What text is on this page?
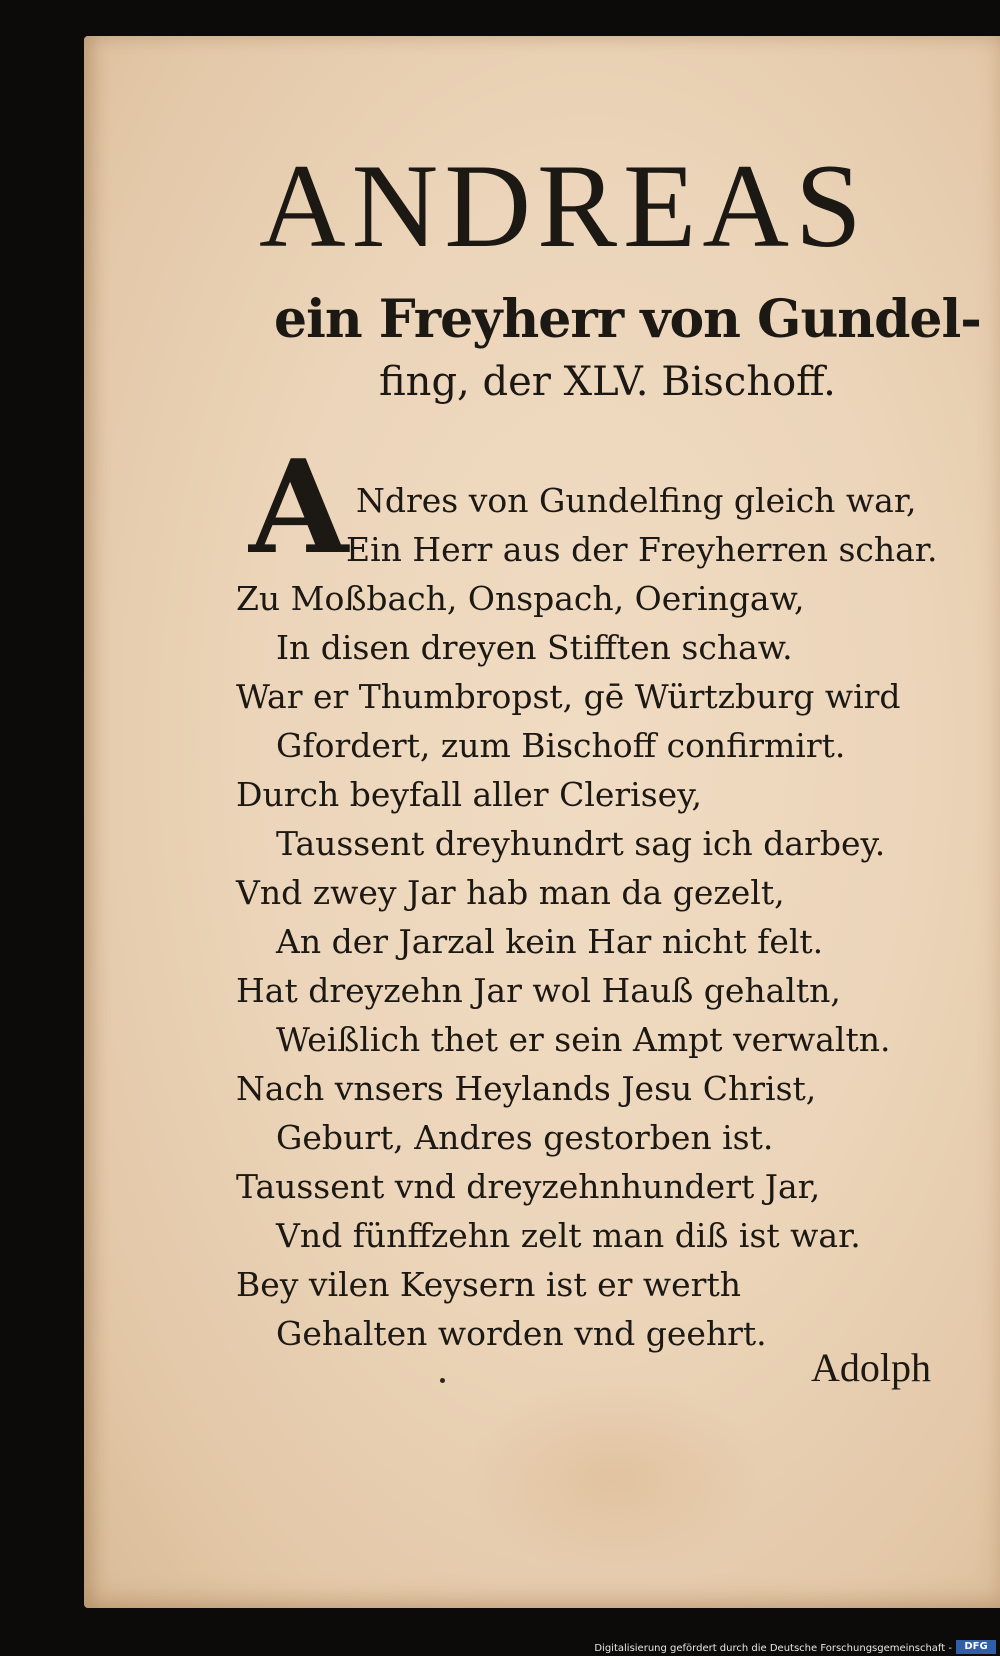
ANDREAS

ein Freyherr von Gundel-

fing, der XLV. Bischoff.

A Ndres von Gundelfing gleich war,

Ein Herr aus der Freyherren schar.

Zu Moßbach, Onspach, Oeringaw,

In disen dreyen Stifften schaw.

War er Thumbropst, gē Würtzburg wird

Gfordert, zum Bischoff confirmirt.

Durch beyfall aller Clerisey,

Taussent dreyhundrt sag ich darbey.

Vnd zwey Jar hab man da gezelt,

An der Jarzal kein Har nicht felt.

Hat dreyzehn Jar wol Hauß gehaltn,

Weißlich thet er sein Ampt verwaltn.

Nach vnsers Heylands Jesu Christ,

Geburt, Andres gestorben ist.

Taussent vnd dreyzehnhundert Jar,

Vnd fünffzehn zelt man diß ist war.

Bey vilen Keysern ist er werth

Gehalten worden vnd geehrt.

Adolph
Digitalisierung gefördert durch die Deutsche Forschungsgemeinschaft -	DFG
